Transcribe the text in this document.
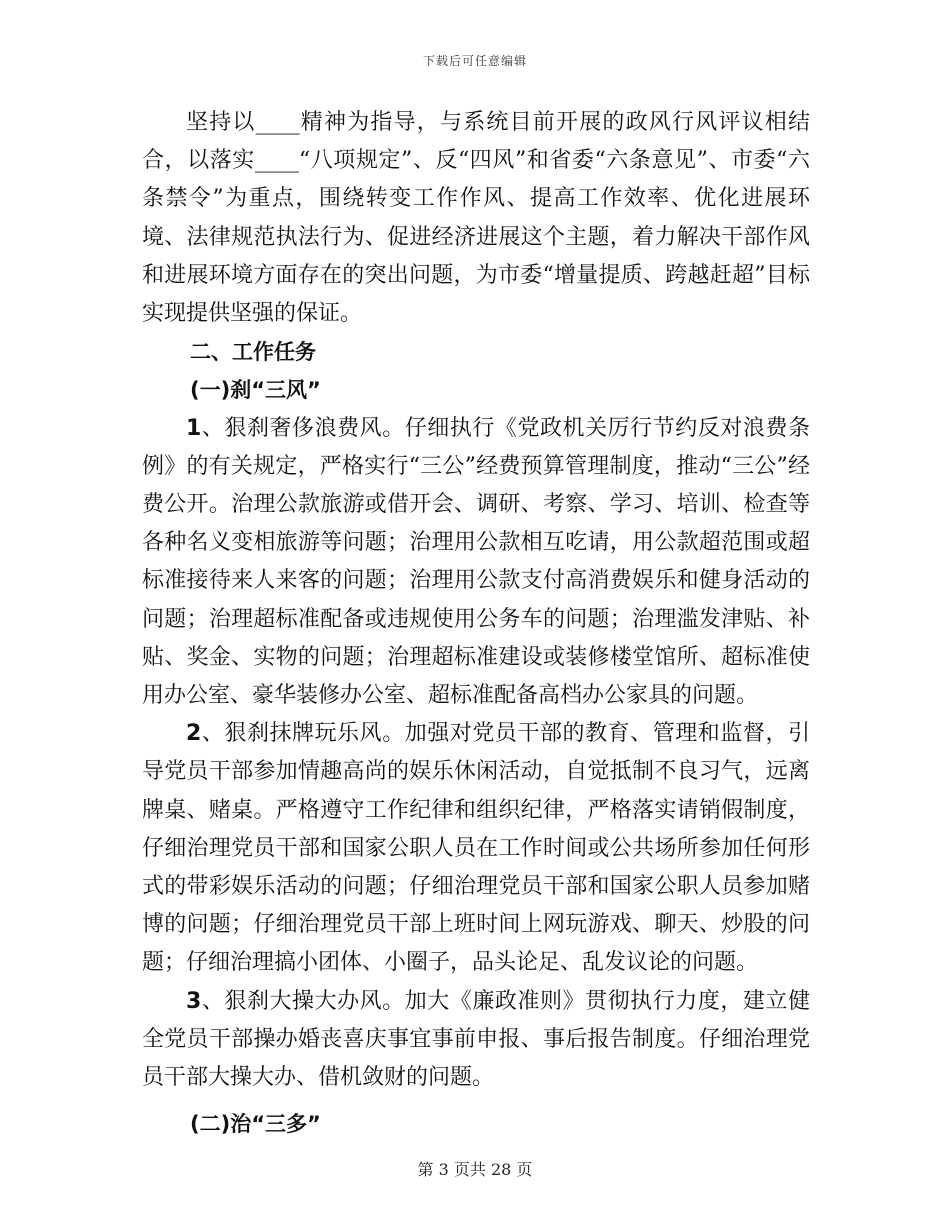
下载后可任意编辑

坚持以____精神为指导，与系统目前开展的政风行风评议相结合，以落实____“八项规定”、反“四风”和省委“六条意见”、市委“六条禁令”为重点，围绕转变工作作风、提高工作效率、优化进展环境、法律规范执法行为、促进经济进展这个主题，着力解决干部作风和进展环境方面存在的突出问题，为市委“增量提质、跨越赶超”目标实现提供坚强的保证。

二、工作任务

(一)刹“三风”

1、狠刹奢侈浪费风。仔细执行《党政机关厉行节约反对浪费条例》的有关规定，严格实行“三公”经费预算管理制度，推动“三公”经费公开。治理公款旅游或借开会、调研、考察、学习、培训、检查等各种名义变相旅游等问题；治理用公款相互吃请，用公款超范围或超标准接待来人来客的问题；治理用公款支付高消费娱乐和健身活动的问题；治理超标准配备或违规使用公务车的问题；治理滥发津贴、补贴、奖金、实物的问题；治理超标准建设或装修楼堂馆所、超标准使用办公室、豪华装修办公室、超标准配备高档办公家具的问题。

2、狠刹抹牌玩乐风。加强对党员干部的教育、管理和监督，引导党员干部参加情趣高尚的娱乐休闲活动，自觉抵制不良习气，远离牌桌、赌桌。严格遵守工作纪律和组织纪律，严格落实请销假制度，仔细治理党员干部和国家公职人员在工作时间或公共场所参加任何形式的带彩娱乐活动的问题；仔细治理党员干部和国家公职人员参加赌博的问题；仔细治理党员干部上班时间上网玩游戏、聊天、炒股的问题；仔细治理搞小团体、小圈子，品头论足、乱发议论的问题。

3、狠刹大操大办风。加大《廉政准则》贯彻执行力度，建立健全党员干部操办婚丧喜庆事宜事前申报、事后报告制度。仔细治理党员干部大操大办、借机敛财的问题。

(二)治“三多”

第 3 页共 28 页
